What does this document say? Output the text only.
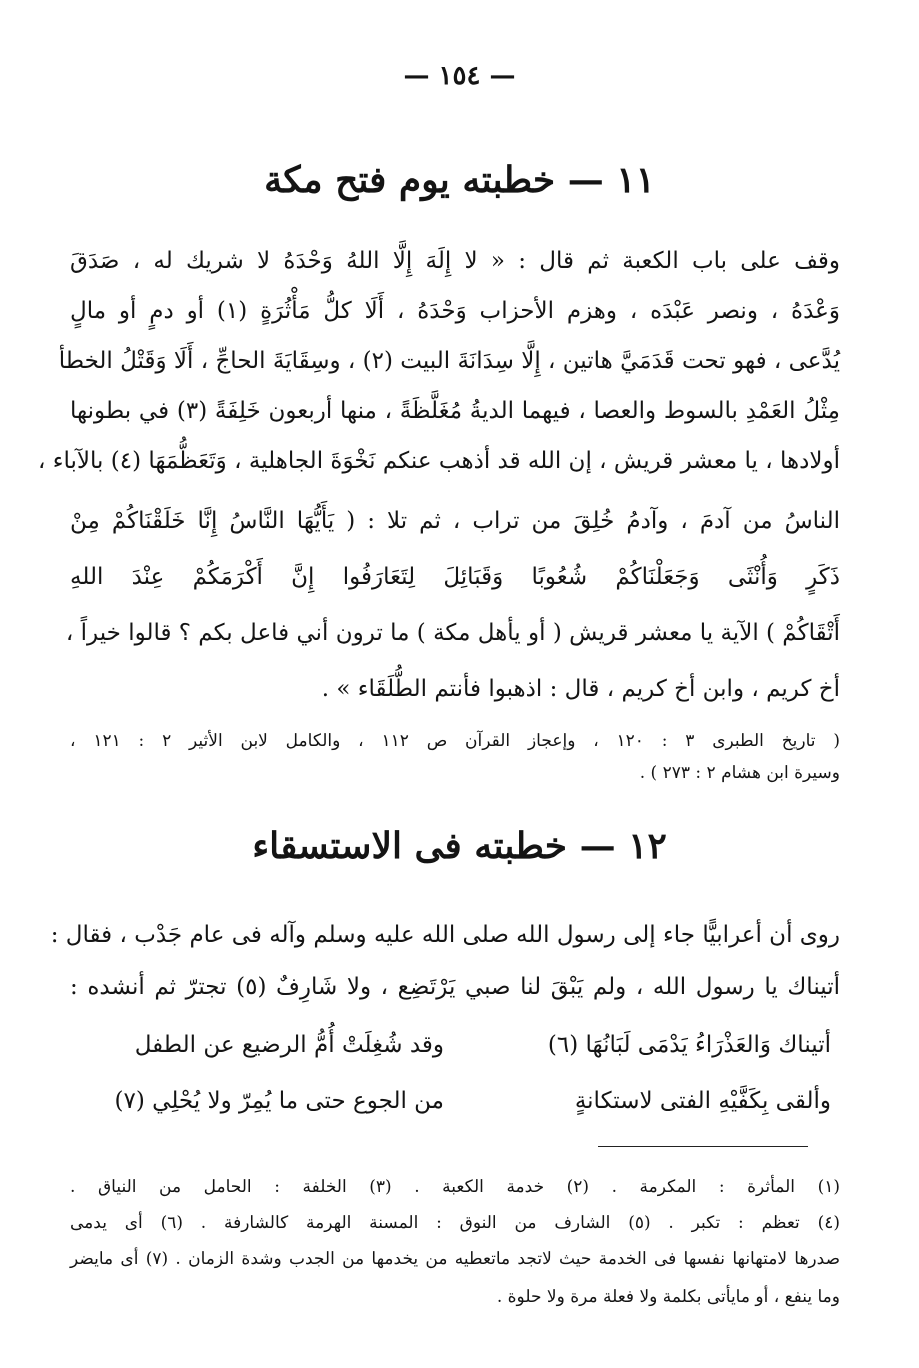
— ١٥٤ —
١١ — خطبته يوم فتح مكة
وقف على باب الكعبة ثم قال : « لا إِلَهَ إِلَّا اللهُ وَحْدَهُ لا شريك له ، صَدَقَ
وَعْدَهُ ، ونصر عَبْدَه ، وهزم الأحزاب وَحْدَهُ ، أَلَا كلُّ مَأْثُرَةٍ (١) أو دمٍ أو مالٍ
يُدَّعى ، فهو تحت قَدَمَيَّ هاتين ، إِلَّا سِدَانَةَ البيت (٢) ، وسِقَايَةَ الحاجِّ ، أَلَا وَقَتْلُ الخطأ
مِثْلُ العَمْدِ بالسوط والعصا ، فيهما الديةُ مُغَلَّظَةً ، منها أربعون خَلِفَةً (٣) في بطونها
أولادها ، يا معشر قريش ، إن الله قد أذهب عنكم نَخْوَةَ الجاهلية ، وَتَعَظُّمَهَا (٤) بالآباء ،
الناسُ من آدمَ ، وآدمُ خُلِقَ من تراب ، ثم تلا : ( يَأَيُّهَا النَّاسُ إِنَّا خَلَقْنَاكُمْ مِنْ
ذَكَرٍ وَأُنْثَى وَجَعَلْنَاكُمْ شُعُوبًا وَقَبَائِلَ لِتَعَارَفُوا إِنَّ أَكْرَمَكُمْ عِنْدَ اللهِ
أَتْقَاكُمْ ) الآية يا معشر قريش ( أو يأهل مكة ) ما ترون أني فاعل بكم ؟ قالوا خيراً ،
أخ كريم ، وابن أخ كريم ، قال : اذهبوا فأنتم الطُّلَقَاء » .
( تاريخ الطبرى ٣ : ١٢٠ ، وإعجاز القرآن ص ١١٢ ، والكامل لابن الأثير ٢ : ١٢١ ،
وسيرة ابن هشام ٢ : ٢٧٣ ) .
١٢ — خطبته فى الاستسقاء
روى أن أعرابيًّا جاء إلى رسول الله صلى الله عليه وسلم وآله فى عام جَدْب ، فقال :
أتيناك يا رسول الله ، ولم يَبْقَ لنا صبي يَرْتَضِع ، ولا شَارِفٌ (٥) تجترّ ثم أنشده :
أتيناك وَالعَذْرَاءُ يَدْمَى لَبَانُهَا (٦)
وقد شُغِلَتْ أُمُّ الرضيع عن الطفل
وألقى بِكَفَّيْهِ الفتى لاستكانةٍ
من الجوع حتى ما يُمِرّ ولا يُحْلِي (٧)
(١) المأثرة : المكرمة . (٢) خدمة الكعبة . (٣) الخلفة : الحامل من النياق .
(٤) تعظم : تكبر . (٥) الشارف من النوق : المسنة الهرمة كالشارفة . (٦) أى يدمى
صدرها لامتهانها نفسها فى الخدمة حيث لاتجد ماتعطيه من يخدمها من الجدب وشدة الزمان . (٧) أى مايضر
وما ينفع ، أو مايأتى بكلمة ولا فعلة مرة ولا حلوة .
